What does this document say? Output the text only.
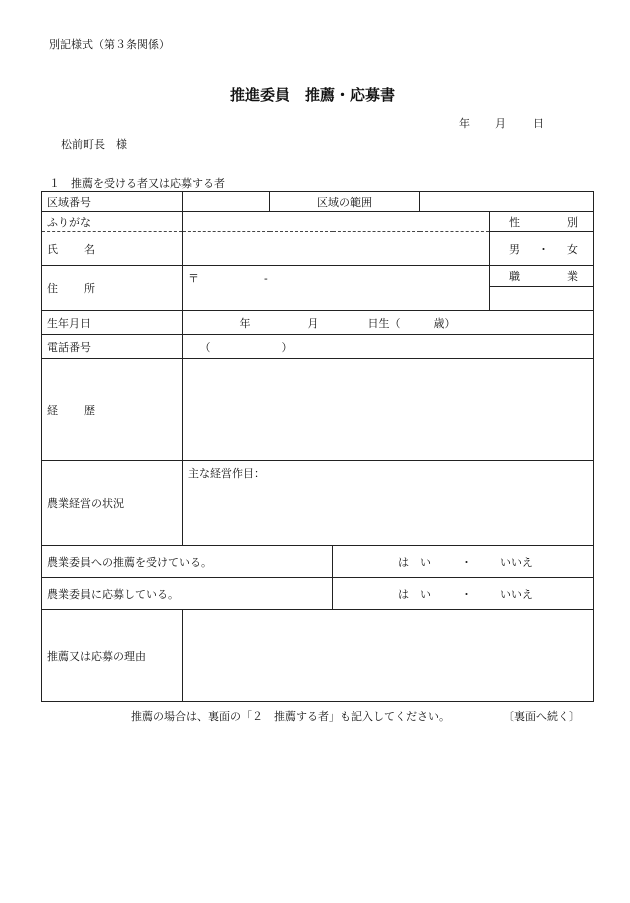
別記様式（第３条関係）
推進委員　推薦・応募書
年 月 日
松前町長　様
１　推薦を受ける者又は応募する者
区域番号		区域の範囲			
ふりがな					性 別

氏 名					男 ・ 女

住 所	〒 -				職 業

生年月日	年 月 日生（ 歳）				
電話番号	（ ）				
経 歴					
農業経営の状況	主な経営作目：				
農業委員への推薦を受けている。			は　い ・ いいえ		

農業委員に応募している。			は　い ・ いいえ		

推薦又は応募の理由					
推薦の場合は、裏面の「２　推薦する者」も記入してください。	〔裏面へ続く〕
